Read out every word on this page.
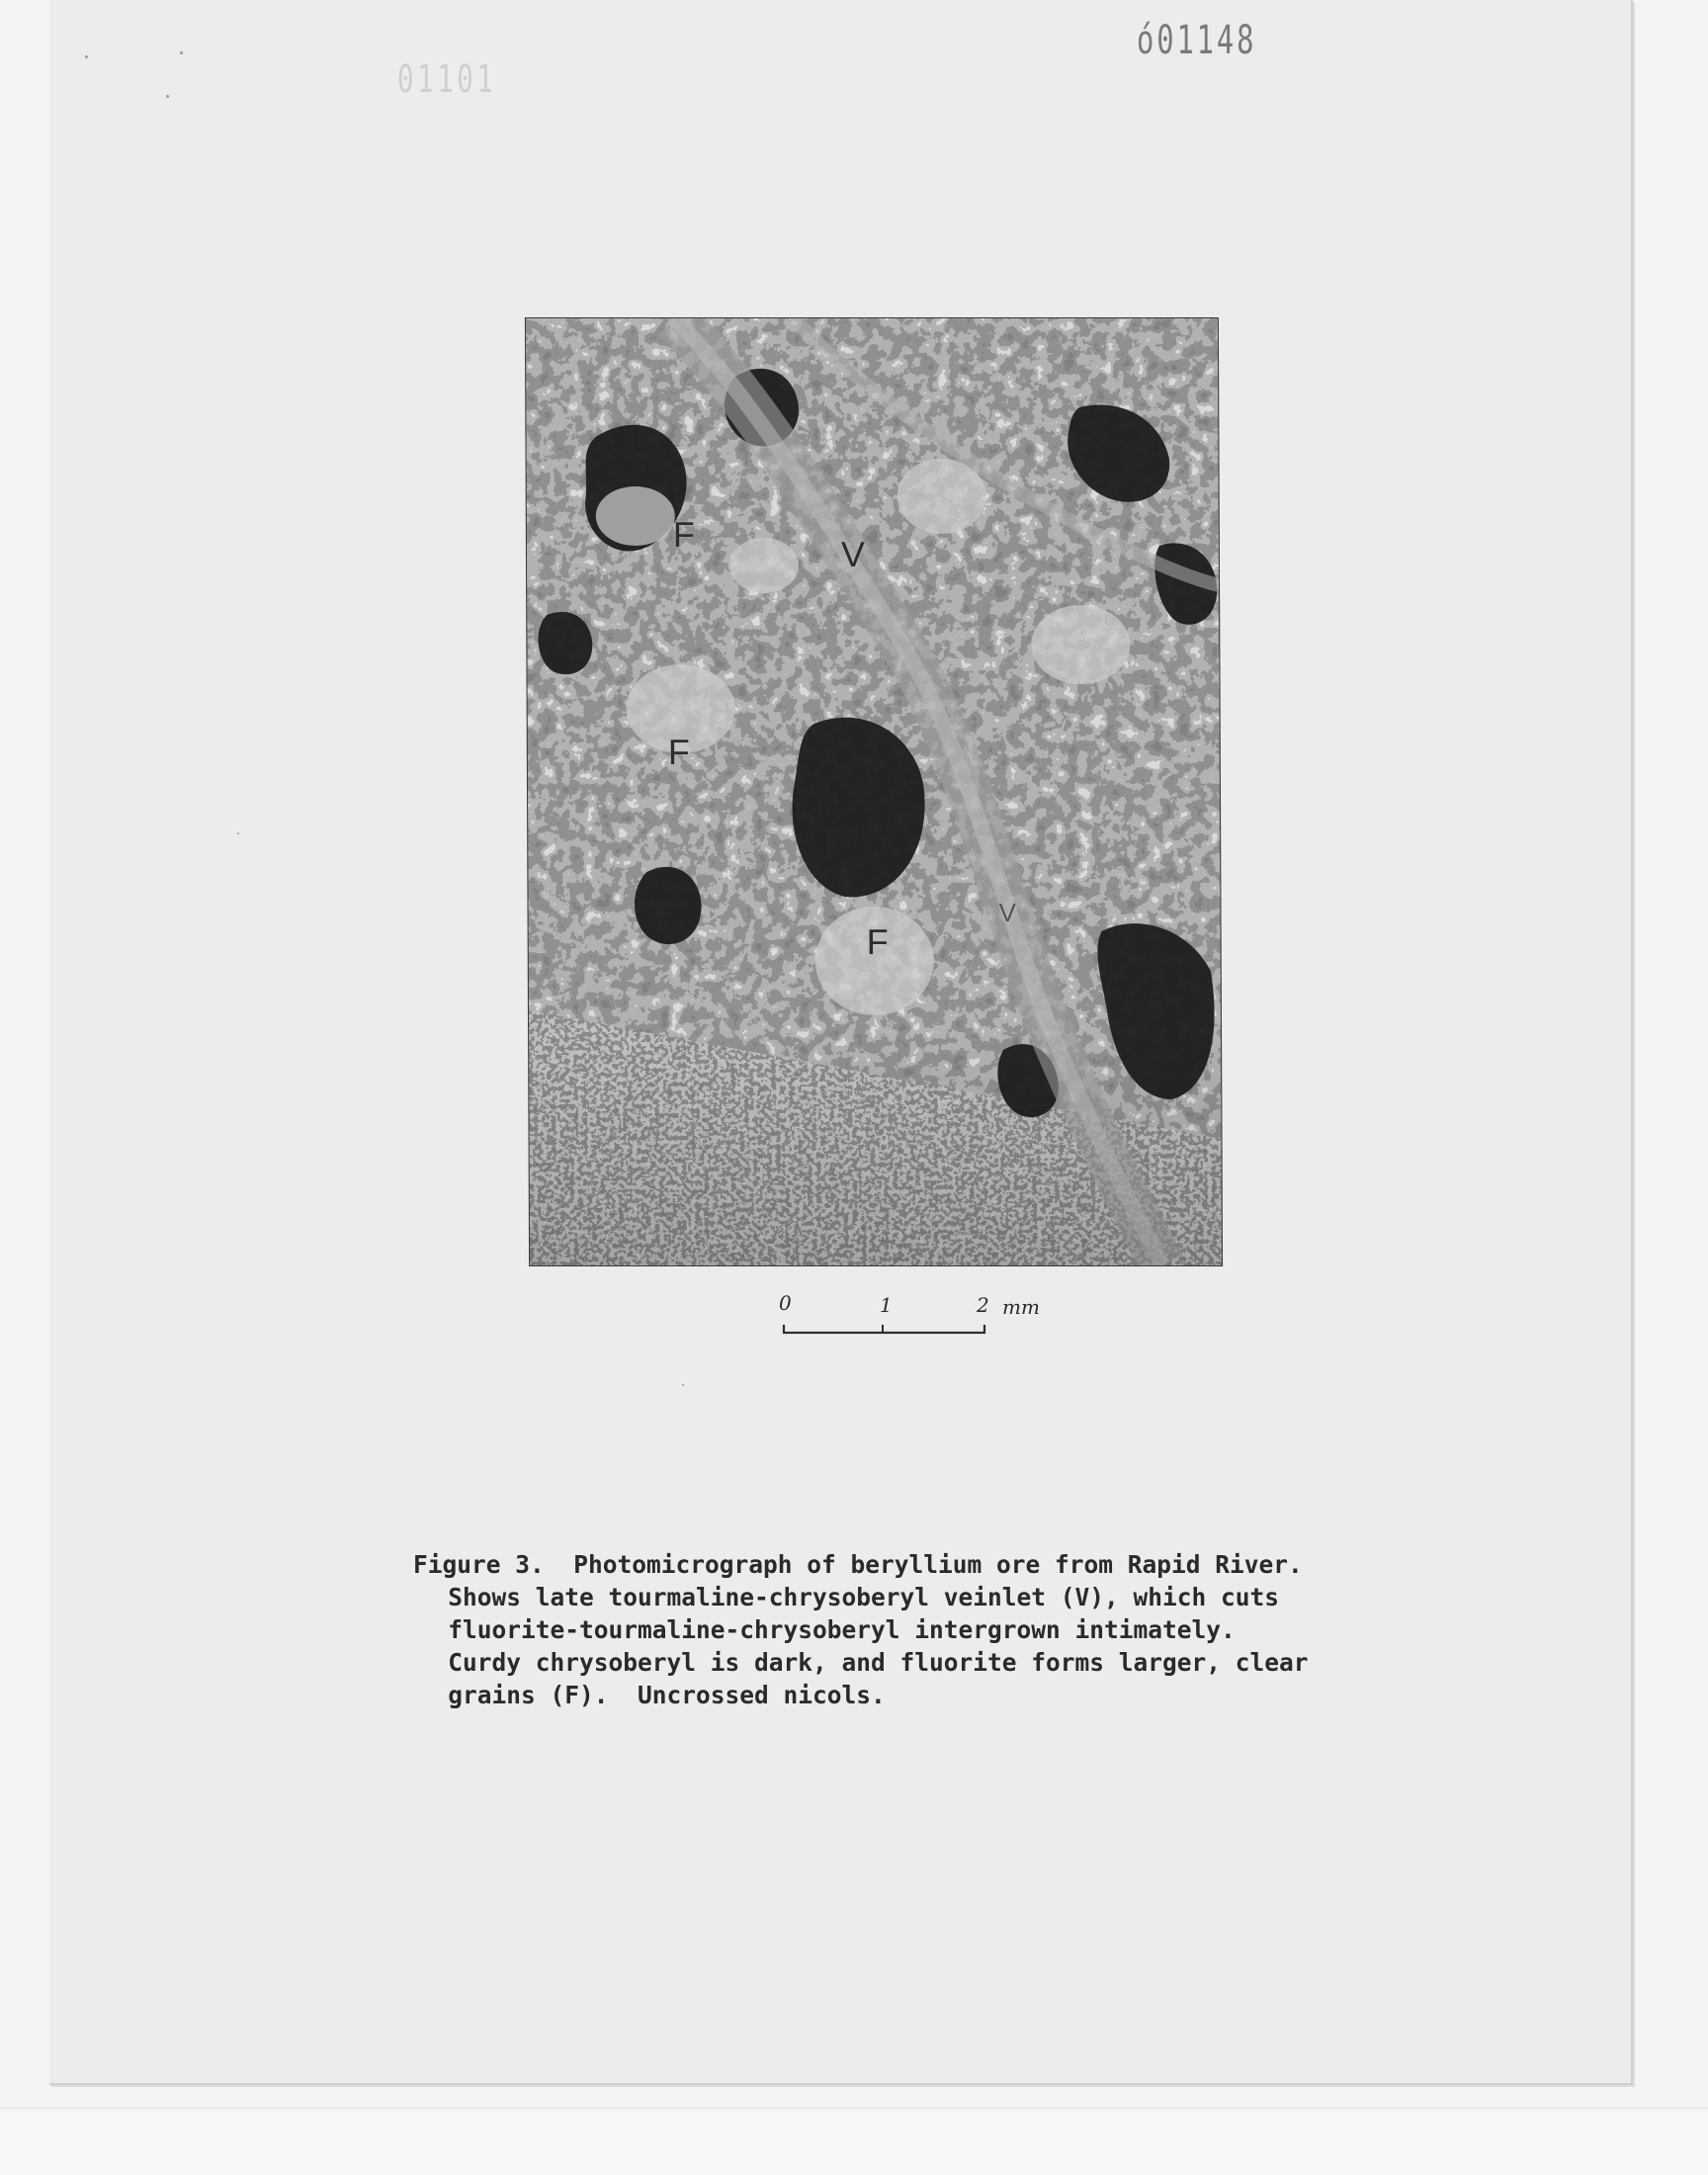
01101
ó01148
F
F
F
V
V
0	1	2 mm
Figure 3.  Photomicrograph of beryllium ore from Rapid River.
Shows late tourmaline-chrysoberyl veinlet (V), which cuts
fluorite-tourmaline-chrysoberyl intergrown intimately.
Curdy chrysoberyl is dark, and fluorite forms larger, clear
grains (F).  Uncrossed nicols.
